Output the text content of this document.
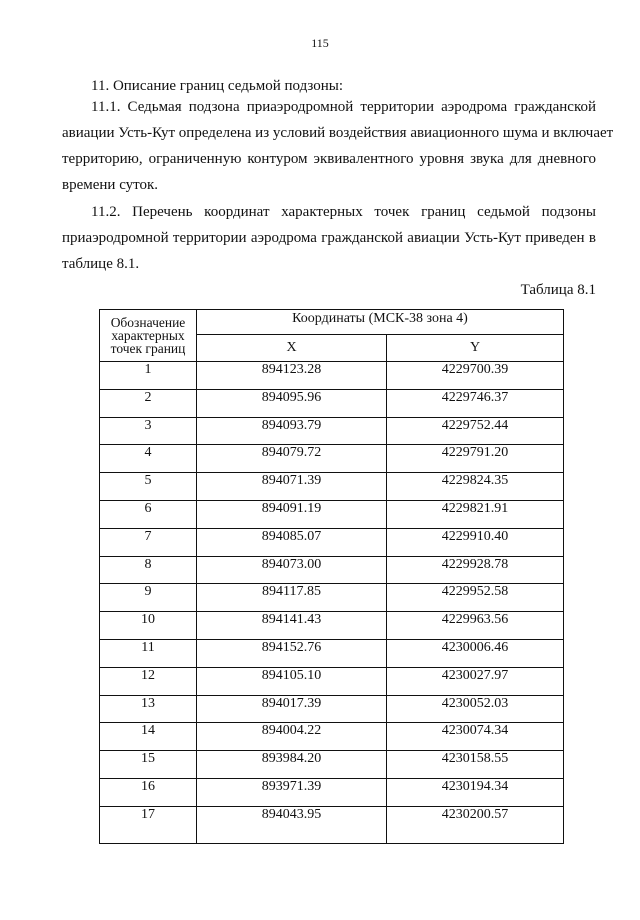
115
11. Описание границ седьмой подзоны:
11.1. Седьмая подзона приаэродромной территории аэродрома гражданской
авиации Усть-Кут определена из условий воздействия авиационного шума и включает
территорию, ограниченную контуром эквивалентного уровня звука для дневного
времени суток.
11.2. Перечень координат характерных точек границ седьмой подзоны
приаэродромной территории аэродрома гражданской авиации Усть-Кут приведен в
таблице 8.1.
Таблица 8.1
Обозначение
характерных
точек границ	Координаты (МСК-38 зона 4)	
	X	Y
1	894123.28	4229700.39
2	894095.96	4229746.37
3	894093.79	4229752.44
4	894079.72	4229791.20
5	894071.39	4229824.35
6	894091.19	4229821.91
7	894085.07	4229910.40
8	894073.00	4229928.78
9	894117.85	4229952.58
10	894141.43	4229963.56
11	894152.76	4230006.46
12	894105.10	4230027.97
13	894017.39	4230052.03
14	894004.22	4230074.34
15	893984.20	4230158.55
16	893971.39	4230194.34
17	894043.95	4230200.57
